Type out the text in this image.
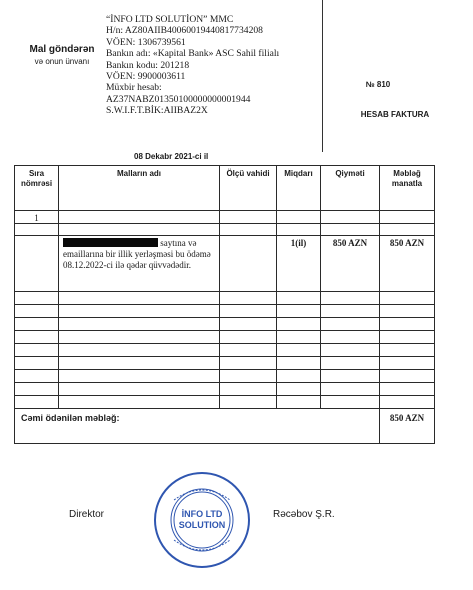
Mal göndərən
və onun ünvanı
“İNFO LTD SOLUTİON” MMC
H/n: AZ80AIIB40060019440817734208
VÖEN: 1306739561
Bankın adı: «Kapital Bank» ASC Sahil filialı
Bankın kodu: 201218
VÖEN: 9900003611
Müxbir hesab:
AZ37NABZ01350100000000001944
S.W.I.F.T.BİK:AIIBAZ2X
№ 810
HESAB FAKTURA
08 Dekabr 2021-ci il
Sıra nömrəsi	Malların adı	Ölçü vahidi	Miqdarı	Qiyməti	Məbləğ manatla
1					

	saytına və emaillarına bir illik yerləşməsi bu ödəmə 08.12.2022-ci ilə qədər qüvvədədir.		1(il)	850 AZN	850 AZN

Cəmi ödənilən məbləğ:					850 AZN
Direktor	İNFO LTD
SOLUTION
Rəcəbov Ş.R.
